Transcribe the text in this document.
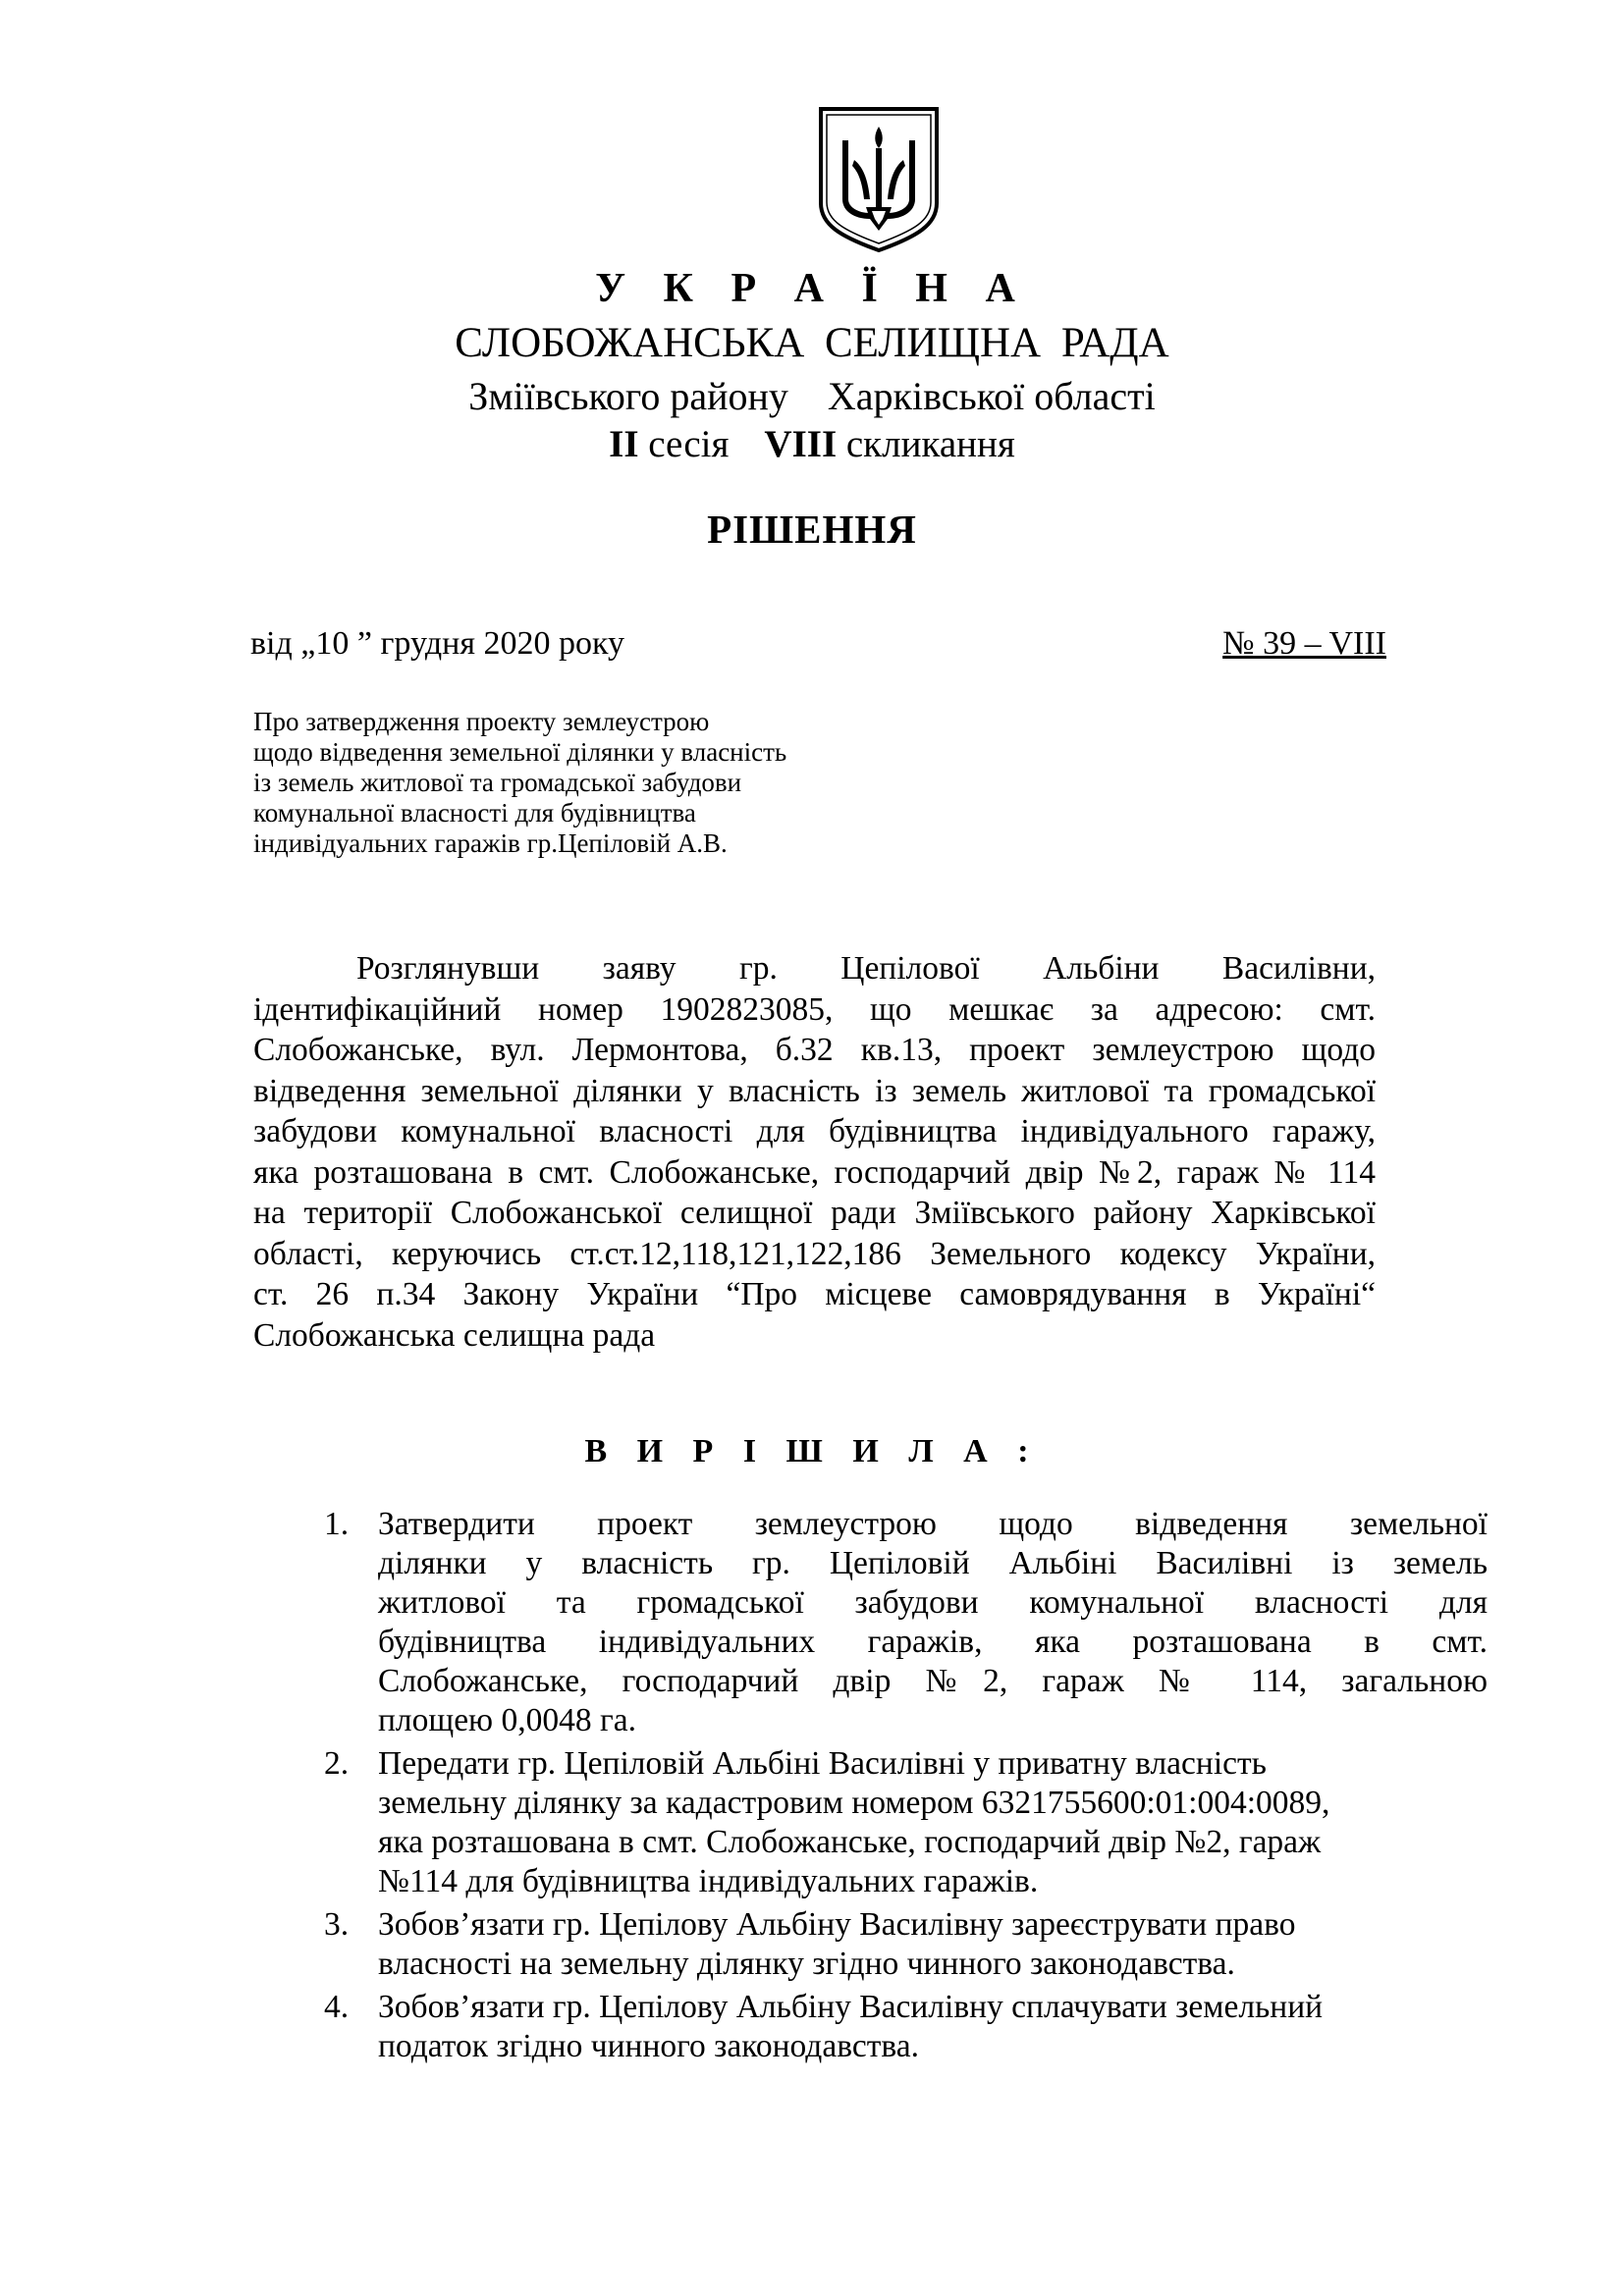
У К Р А Ї Н А
СЛОБОЖАНСЬКА СЕЛИЩНА РАДА
Зміївського району Харківської області
II сесія VIII скликання
РІШЕННЯ
від „10 ” грудня 2020 року	№ 39 – VIII
Про затвердження проекту землеустрою
щодо відведення земельної ділянки у власність
із земель житлової та громадської забудови
комунальної власності для будівництва
індивідуальних гаражів гр.Цепіловій А.В.
Розглянувши заяву гр. Цепілової Альбіни Василівни,
ідентифікаційний номер 1902823085, що мешкає за адресою: смт.
Слобожанське, вул. Лермонтова, б.32 кв.13, проект землеустрою щодо
відведення земельної ділянки у власність із земель житлової та громадської
забудови комунальної власності для будівництва індивідуального гаражу,
яка розташована в смт. Слобожанське, господарчий двір №2, гараж № 114
на території Слобожанської селищної ради Зміївського району Харківської
області, керуючись ст.ст.12,118,121,122,186 Земельного кодексу України,
ст. 26 п.34 Закону України “Про місцеве самоврядування в Україні“
Слобожанська селищна рада
В И Р І Ш И Л А :
1. Затвердити проект землеустрою щодо відведення земельної
ділянки у власність гр. Цепіловій Альбіні Василівні із земель
житлової та громадської забудови комунальної власності для
будівництва індивідуальних гаражів, яка розташована в смт.
Слобожанське, господарчий двір №2, гараж № 114, загальною
площею 0,0048 га.
2. Передати гр. Цепіловій Альбіні Василівні у приватну власність
земельну ділянку за кадастровим номером 6321755600:01:004:0089,
яка розташована в смт. Слобожанське, господарчий двір №2, гараж
№114 для будівництва індивідуальних гаражів.
3. Зобов’язати гр. Цепілову Альбіну Василівну зареєструвати право
власності на земельну ділянку згідно чинного законодавства.
4. Зобов’язати гр. Цепілову Альбіну Василівну сплачувати земельний
податок згідно чинного законодавства.
